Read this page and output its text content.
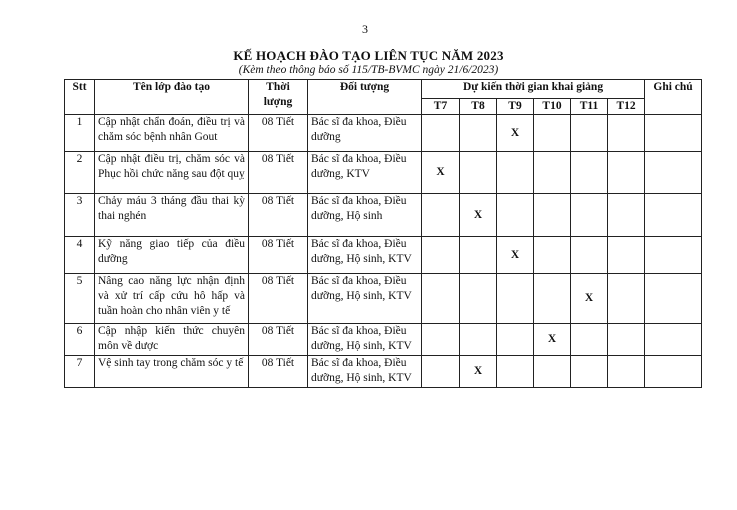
3
KẾ HOẠCH ĐÀO TẠO LIÊN TỤC NĂM 2023
(Kèm theo thông báo số 115/TB-BVMC ngày 21/6/2023)
Stt	Tên lớp đào tạo	Thời lượng	Đối tượng	Dự kiến thời gian khai giảng						Ghi chú
				T7	T8	T9	T10	T11	T12	
1	Cập nhật chẩn đoán, điều trị và chăm sóc bệnh nhân Gout	08 Tiết	Bác sĩ đa khoa, Điều dưỡng			X				
2	Cập nhật điều trị, chăm sóc và Phục hồi chức năng sau đột quỵ	08 Tiết	Bác sĩ đa khoa, Điều dưỡng, KTV	X						
3	Chảy máu 3 tháng đầu thai kỳ thai nghén	08 Tiết	Bác sĩ đa khoa, Điều dưỡng, Hộ sinh		X					
4	Kỹ năng giao tiếp của điều dưỡng	08 Tiết	Bác sĩ đa khoa, Điều dưỡng, Hộ sinh, KTV			X				
5	Nâng cao năng lực nhận định và xử trí cấp cứu hô hấp và tuần hoàn cho nhân viên y tế	08 Tiết	Bác sĩ đa khoa, Điều dưỡng, Hộ sinh, KTV					X		
6	Cập nhập kiến thức chuyên môn về dược	08 Tiết	Bác sĩ đa khoa, Điều dưỡng, Hộ sinh, KTV				X			
7	Vệ sinh tay trong chăm sóc y tế	08 Tiết	Bác sĩ đa khoa, Điều dưỡng, Hộ sinh, KTV		X					
